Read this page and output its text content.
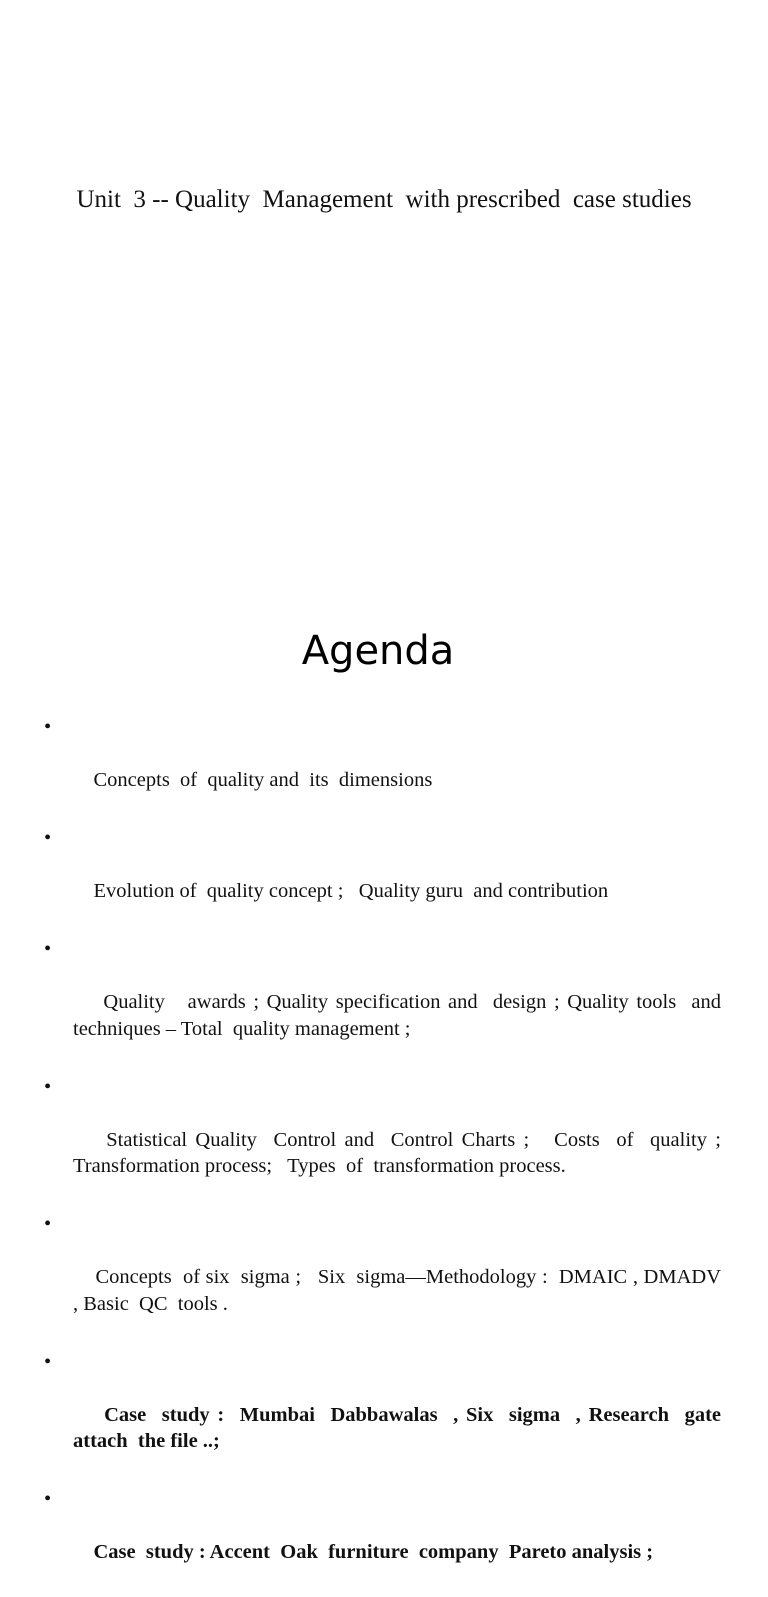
Unit  3 -- Quality  Management  with prescribed  case studies
Agenda

•

Concepts  of  quality and  its  dimensions

•

Evolution of  quality concept ;   Quality guru  and contribution

•

Quality   awards ; Quality specification and  design ; Quality tools  and  techniques – Total  quality management ;

•

Statistical Quality  Control and  Control Charts ;   Costs  of  quality ; Transformation process;   Types  of  transformation process.

•

Concepts  of six  sigma ;   Six  sigma—Methodology :  DMAIC , DMADV , Basic  QC  tools .

•

Case  study :  Mumbai  Dabbawalas  , Six  sigma  , Research  gate  attach  the file ..;

•

Case  study : Accent  Oak  furniture  company  Pareto analysis ;
